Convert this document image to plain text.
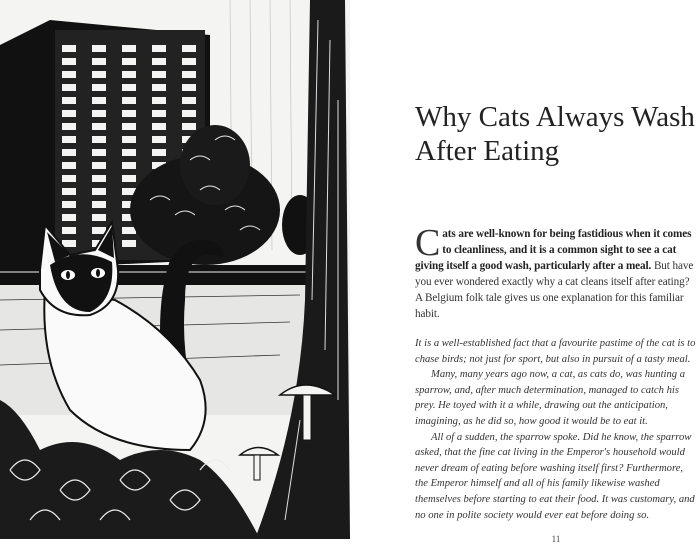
Why Cats Always Wash After Eating

Cats are well-known for being fastidious when it comes to cleanliness, and it is a common sight to see a cat giving itself a good wash, particularly after a meal. But have you ever wondered exactly why a cat cleans itself after eating? A Belgium folk tale gives us one explanation for this familiar habit.

It is a well-established fact that a favourite pastime of the cat is to chase birds; not just for sport, but also in pursuit of a tasty meal.

Many, many years ago now, a cat, as cats do, was hunting a sparrow, and, after much determination, managed to catch his prey. He toyed with it a while, drawing out the anticipation, imagining, as he did so, how good it would be to eat it.

All of a sudden, the sparrow spoke. Did he know, the sparrow asked, that the fine cat living in the Emperor's household would never dream of eating before washing itself first? Furthermore, the Emperor himself and all of his family likewise washed themselves before starting to eat their food. It was customary, and no one in polite society would ever eat before doing so.

11
